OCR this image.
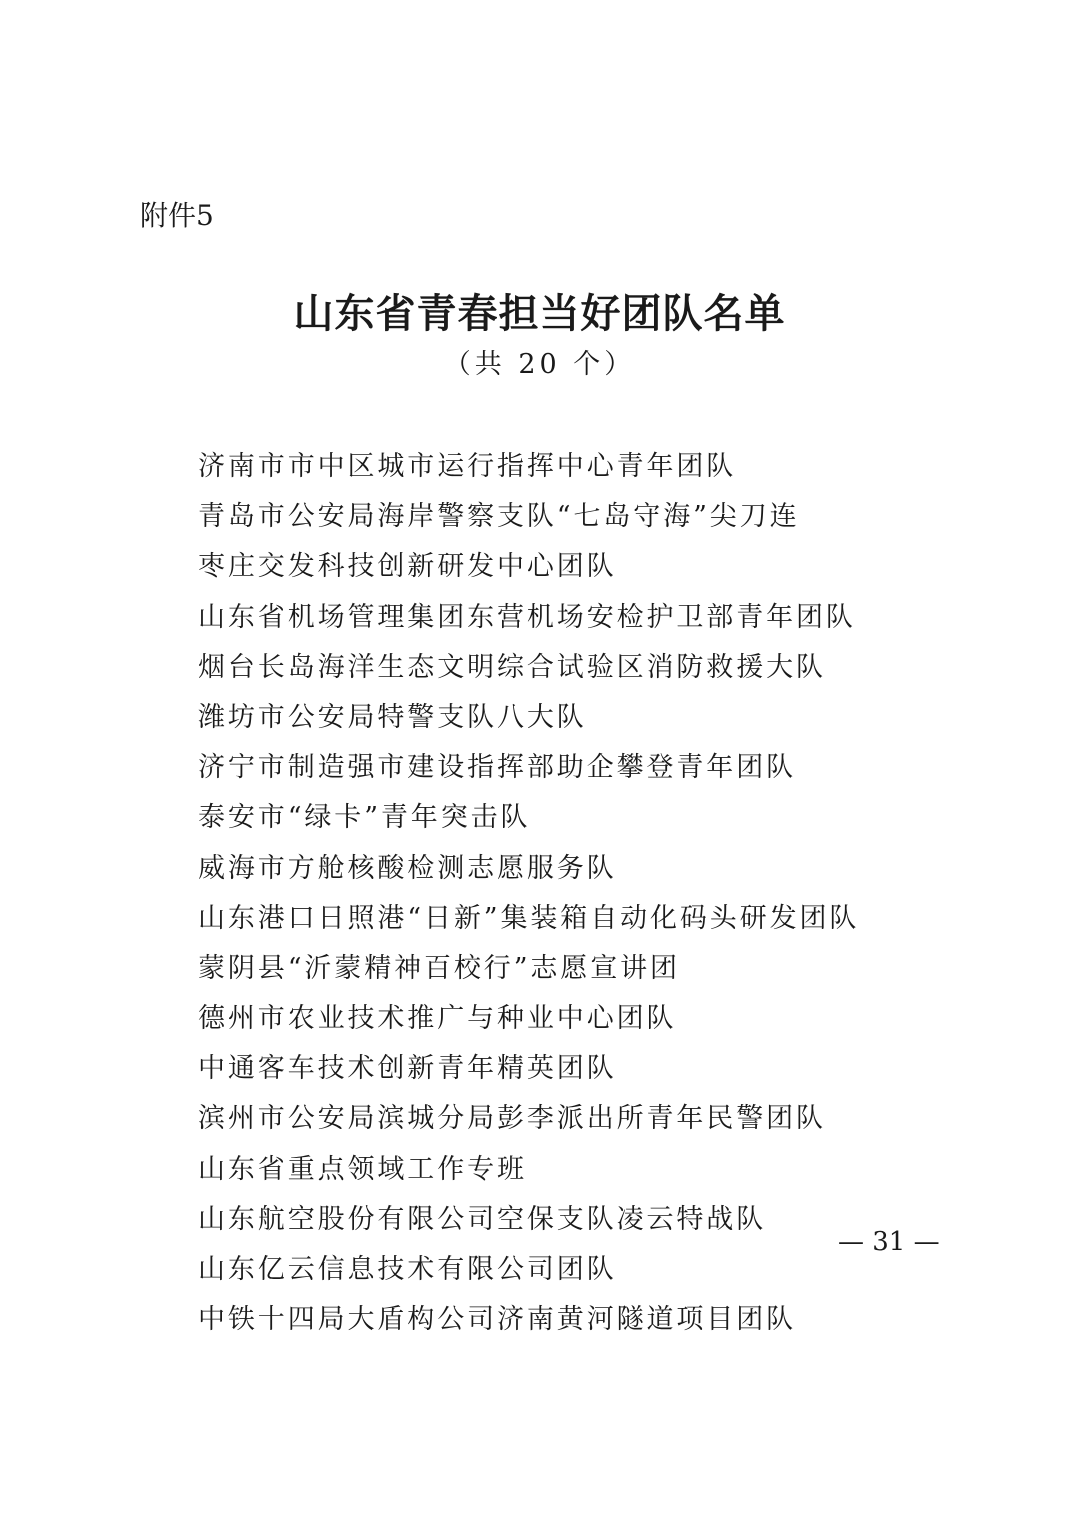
附件5
山东省青春担当好团队名单
（共 20 个）
济南市市中区城市运行指挥中心青年团队
青岛市公安局海岸警察支队“七岛守海”尖刀连
枣庄交发科技创新研发中心团队
山东省机场管理集团东营机场安检护卫部青年团队
烟台长岛海洋生态文明综合试验区消防救援大队
潍坊市公安局特警支队八大队
济宁市制造强市建设指挥部助企攀登青年团队
泰安市“绿卡”青年突击队
威海市方舱核酸检测志愿服务队
山东港口日照港“日新”集装箱自动化码头研发团队
蒙阴县“沂蒙精神百校行”志愿宣讲团
德州市农业技术推广与种业中心团队
中通客车技术创新青年精英团队
滨州市公安局滨城分局彭李派出所青年民警团队
山东省重点领域工作专班
山东航空股份有限公司空保支队凌云特战队
山东亿云信息技术有限公司团队
中铁十四局大盾构公司济南黄河隧道项目团队
— 31 —
